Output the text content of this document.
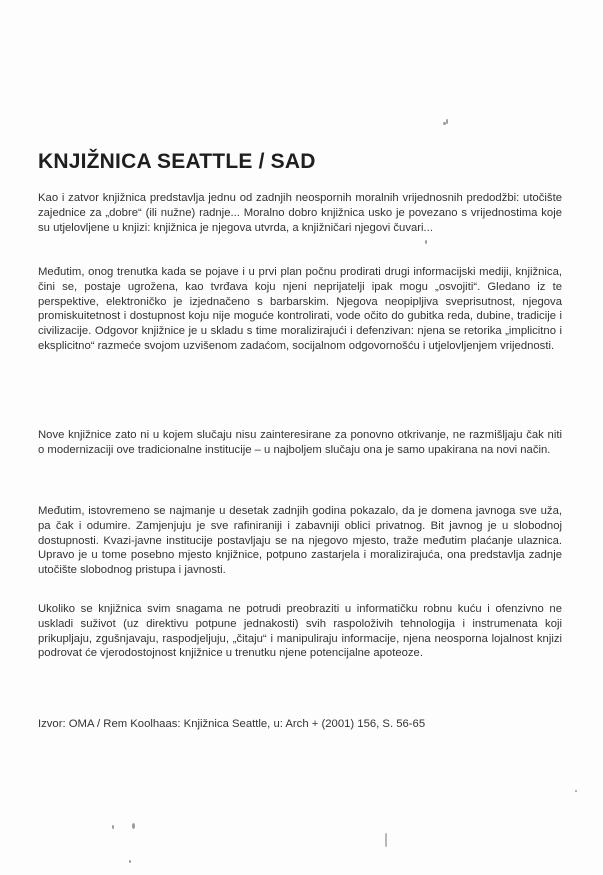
KNJIŽNICA SEATTLE / SAD

Kao i zatvor knjižnica predstavlja jednu od zadnjih neospornih moralnih vrijednosnih predodžbi: utočište zajednice za „dobre“ (ili nužne) radnje... Moralno dobro knjižnica usko je povezano s vrijednostima koje su utjelovljene u knjizi: knjižnica je njegova utvrda, a knjižničari njegovi čuvari...

Međutim, onog trenutka kada se pojave i u prvi plan počnu prodirati drugi informacijski mediji, knjižnica, čini se, postaje ugrožena, kao tvrđava koju njeni neprijatelji ipak mogu „osvojiti“. Gledano iz te perspektive, elektroničko je izjednačeno s barbarskim. Njegova neopipljiva sveprisutnost, njegova promiskuitetnost i dostupnost koju nije moguće kontrolirati, vode očito do gubitka reda, dubine, tradicije i civilizacije. Odgovor knjižnice je u skladu s time moralizirajući i defenzivan: njena se retorika „implicitno i eksplicitno“ razmeće svojom uzvišenom zadaćom, socijalnom odgovornošću i utjelovljenjem vrijednosti.

Nove knjižnice zato ni u kojem slučaju nisu zainteresirane za ponovno otkrivanje, ne razmišljaju čak niti o modernizaciji ove tradicionalne institucije – u najboljem slučaju ona je samo upakirana na novi način.

Međutim, istovremeno se najmanje u desetak zadnjih godina pokazalo, da je domena javnoga sve uža, pa čak i odumire. Zamjenjuju je sve rafiniraniji i zabavniji oblici privatnog. Bit javnog je u slobodnoj dostupnosti. Kvazi-javne institucije postavljaju se na njegovo mjesto, traže međutim plaćanje ulaznica. Upravo je u tome posebno mjesto knjižnice, potpuno zastarjela i moralizirajuća, ona predstavlja zadnje utočište slobodnog pristupa i javnosti.

Ukoliko se knjižnica svim snagama ne potrudi preobraziti u informatičku robnu kuću i ofenzivno ne uskladi suživot (uz direktivu potpune jednakosti) svih raspoloživih tehnologija i instrumenata koji prikupljaju, zgušnjavaju, raspodjeljuju, „čitaju“ i manipuliraju informacije, njena neosporna lojalnost knjizi podrovat će vjerodostojnost knjižnice u trenutku njene potencijalne apoteoze.

Izvor: OMA / Rem Koolhaas: Knjižnica Seattle, u: Arch + (2001) 156, S. 56-65
